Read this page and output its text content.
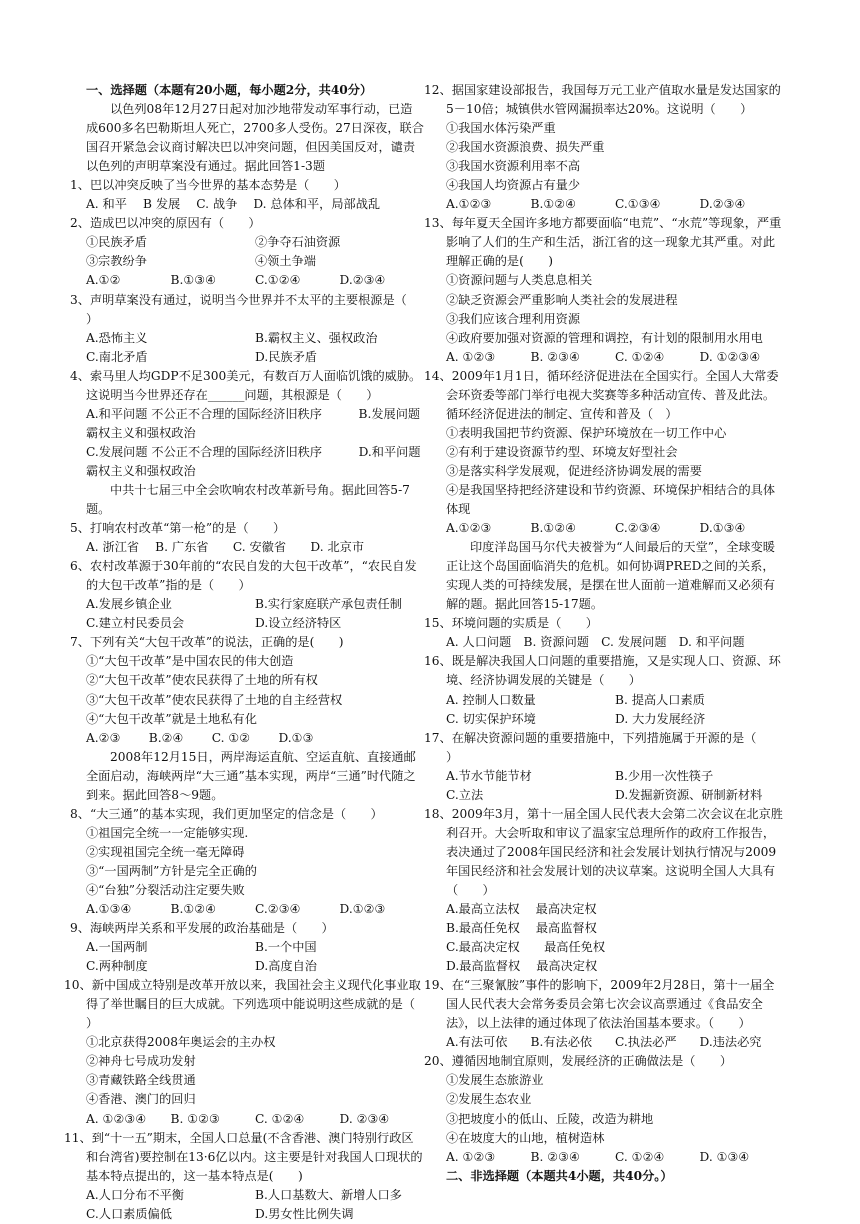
一、选择题（本题有20小题，每小题2分，共40分）

以色列08年12月27日起对加沙地带发动军事行动，已造成600多名巴勒斯坦人死亡，2700多人受伤。27日深夜，联合国召开紧急会议商讨解决巴以冲突问题，但因美国反对，谴责以色列的声明草案没有通过。据此回答1-3题

1、巴以冲突反映了当今世界的基本态势是（　　）

A. 和平　 B 发展　 C. 战争　 D. 总体和平，局部战乱

2、造成巴以冲突的原因有（　　）

①民族矛盾	②争夺石油资源

③宗教纷争	④领土争端

A.①②	B.①③④	C.①②④	D.②③④

3、声明草案没有通过，说明当今世界并不太平的主要根源是（　　）

A.恐怖主义	B.霸权主义、强权政治

C.南北矛盾	D.民族矛盾

4、索马里人均GDP不足300美元，有数百万人面临饥饿的威胁。这说明当今世界还存在______问题，其根源是（　　）

A.和平问题 不公正不合理的国际经济旧秩序　　　B.发展问题 霸权主义和强权政治

C.发展问题 不公正不合理的国际经济旧秩序　　　D.和平问题 霸权主义和强权政治

中共十七届三中全会吹响农村改革新号角。据此回答5-7题。

5、打响农村改革“第一枪”的是（　　）

A. 浙江省　 B. 广东省　　C. 安徽省　　D. 北京市

6、农村改革源于30年前的“农民自发的大包干改革”，“农民自发的大包干改革”指的是（　　）

A.发展乡镇企业	B.实行家庭联产承包责任制

C.建立村民委员会	D.设立经济特区

7、下列有关“大包干改革”的说法，正确的是(　　)

①“大包干改革”是中国农民的伟大创造

②“大包干改革”使农民获得了土地的所有权

③“大包干改革”使农民获得了土地的自主经营权

④“大包干改革”就是土地私有化

A.②③　　 B.②④　　 C. ①②　　 D.①③

2008年12月15日，两岸海运直航、空运直航、直接通邮全面启动，海峡两岸“大三通”基本实现，两岸“三通”时代随之到来。据此回答8～9题。

8、“大三通”的基本实现，我们更加坚定的信念是（　　）

①祖国完全统一一定能够实现.

②实现祖国完全统一毫无障碍

③“一国两制”方针是完全正确的

④“台独”分裂活动注定要失败

A.①③④	B.①②④	C.②③④	D.①②③

9、海峡两岸关系和平发展的政治基础是（　　）

A.一国两制	B.一个中国

C.两种制度	D.高度自治

10、新中国成立特别是改革开放以来，我国社会主义现代化事业取得了举世瞩目的巨大成就。下列选项中能说明这些成就的是（　　）

①北京获得2008年奥运会的主办权

②神舟七号成功发射

③青藏铁路全线贯通

④香港、澳门的回归

A. ①②③④	B. ①②③	C. ①②④	D. ②③④

11、到“十一五”期末，全国人口总量(不含香港、澳门特别行政区和台湾省)要控制在13·6亿以内。这主要是针对我国人口现状的基本特点提出的，这一基本特点是(　　)

A.人口分布不平衡	B.人口基数大、新增人口多

C.人口素质偏低	D.男女性比例失调

12、据国家建设部报告，我国每万元工业产值取水量是发达国家的5－10倍；城镇供水管网漏损率达20%。这说明（　　）

①我国水体污染严重

②我国水资源浪费、损失严重

③我国水资源利用率不高

④我国人均资源占有量少

A.①②③	B.①②④	C.①③④	D.②③④

13、每年夏天全国许多地方都要面临“电荒”、“水荒”等现象，严重影响了人们的生产和生活，浙江省的这一现象尤其严重。对此理解正确的是(　　)

①资源问题与人类息息相关

②缺乏资源会严重影响人类社会的发展进程

③我们应该合理利用资源

④政府要加强对资源的管理和调控，有计划的限制用水用电

A. ①②③	B. ②③④	C. ①②④	D. ①②③④

14、2009年1月1日，循环经济促进法在全国实行。全国人大常委会环资委等部门举行电视大奖赛等多种活动宣传、普及此法。循环经济促进法的制定、宣传和普及（　）

①表明我国把节约资源、保护环境放在一切工作中心

②有利于建设资源节约型、环境友好型社会

③是落实科学发展观，促进经济协调发展的需要

④是我国坚持把经济建设和节约资源、环境保护相结合的具体体现

A.①②③	B.①②④	C.②③④	D.①③④

印度洋岛国马尔代夫被誉为“人间最后的天堂”，全球变暖正让这个岛国面临消失的危机。如何协调PRED之间的关系，实现人类的可持续发展，是摆在世人面前一道难解而又必须有解的题。据此回答15-17题。

15、环境问题的实质是（　　）

A. 人口问题　B. 资源问题　C. 发展问题　D. 和平问题

16、既是解决我国人口问题的重要措施，又是实现人口、资源、环境、经济协调发展的关键是（　　）

A. 控制人口数量	B. 提高人口素质

C. 切实保护环境	D. 大力发展经济

17、在解决资源问题的重要措施中，下列措施属于开源的是（　　）

A.节水节能节材	B.少用一次性筷子

C.立法	D.发掘新资源、研制新材料

18、2009年3月，第十一届全国人民代表大会第二次会议在北京胜利召开。大会听取和审议了温家宝总理所作的政府工作报告，表决通过了2008年国民经济和社会发展计划执行情况与2009年国民经济和社会发展计划的决议草案。这说明全国人大具有（　　）

A.最高立法权　 最高决定权

B.最高任免权　 最高监督权

C.最高决定权　　最高任免权

D.最高监督权　 最高决定权

19、在“三聚氰胺”事件的影响下，2009年2月28日，第十一届全国人民代表大会常务委员会第七次会议高票通过《食品安全法》，以上法律的通过体现了依法治国基本要求。（　　）

A.有法可依	B.有法必依	C.执法必严	D.违法必究

20、遵循因地制宜原则，发展经济的正确做法是（　　）

①发展生态旅游业

②发展生态农业

③把坡度小的低山、丘陵，改造为耕地

④在坡度大的山地，植树造林

A. ①②③	B. ②③④	C. ①②④	D. ①③④

二、非选择题（本题共4小题，共40分。）
